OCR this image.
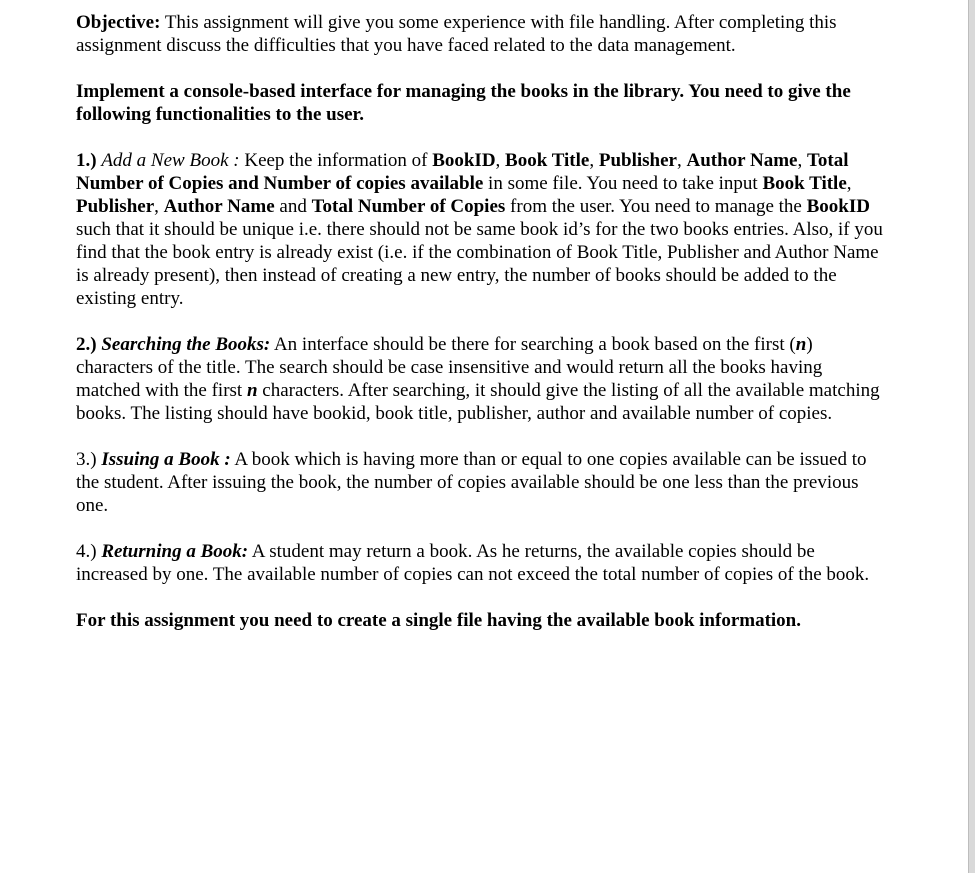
Objective: This assignment will give you some experience with file handling. After completing this assignment discuss the difficulties that you have faced related to the data management.

Implement a console-based interface for managing the books in the library. You need to give the following functionalities to the user.

1.) Add a New Book : Keep the information of BookID, Book Title, Publisher, Author Name, Total Number of Copies and Number of copies available in some file. You need to take input Book Title, Publisher, Author Name and Total Number of Copies from the user. You need to manage the BookID such that it should be unique i.e. there should not be same book id’s for the two books entries. Also, if you find that the book entry is already exist (i.e. if the combination of Book Title, Publisher and Author Name is already present), then instead of creating a new entry, the number of books should be added to the existing entry.

2.) Searching the Books: An interface should be there for searching a book based on the first (n) characters of the title. The search should be case insensitive and would return all the books having matched with the first n characters. After searching, it should give the listing of all the available matching books. The listing should have bookid, book title, publisher, author and available number of copies.

3.) Issuing a Book : A book which is having more than or equal to one copies available can be issued to the student. After issuing the book, the number of copies available should be one less than the previous one.

4.) Returning a Book: A student may return a book. As he returns, the available copies should be increased by one. The available number of copies can not exceed the total number of copies of the book.

For this assignment you need to create a single file having the available book information.
